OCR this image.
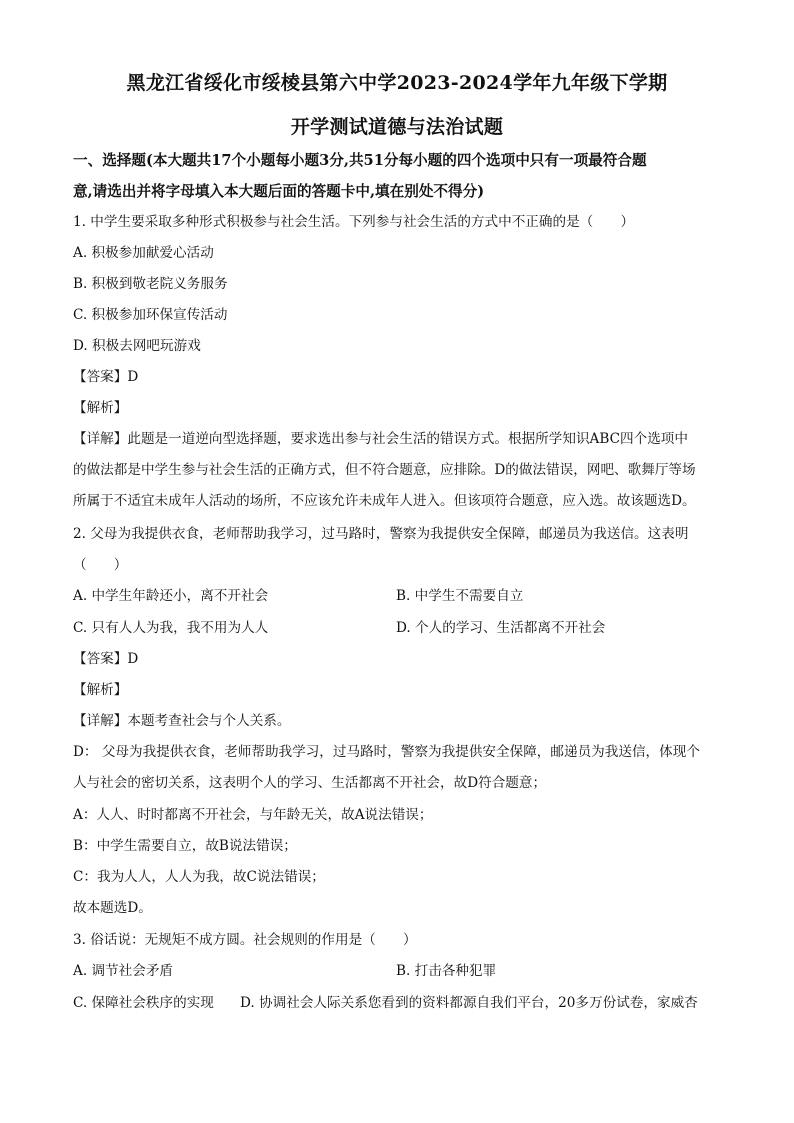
黑龙江省绥化市绥棱县第六中学2023-2024学年九年级下学期
开学测试道德与法治试题
一、选择题(本大题共17个小题每小题3分,共51分每小题的四个选项中只有一项最符合题
意,请选出并将字母填入本大题后面的答题卡中,填在别处不得分)
1. 中学生要采取多种形式积极参与社会生活。下列参与社会生活的方式中不正确的是（　　）
A. 积极参加献爱心活动
B. 积极到敬老院义务服务
C. 积极参加环保宣传活动
D. 积极去网吧玩游戏
【答案】D
【解析】
【详解】此题是一道逆向型选择题，要求选出参与社会生活的错误方式。根据所学知识ABC四个选项中
的做法都是中学生参与社会生活的正确方式，但不符合题意，应排除。D的做法错误，网吧、歌舞厅等场
所属于不适宜未成年人活动的场所，不应该允许未成年人进入。但该项符合题意，应入选。故该题选D。
2. 父母为我提供衣食，老师帮助我学习，过马路时，警察为我提供安全保障，邮递员为我送信。这表明
（　　）
A. 中学生年龄还小，离不开社会	B. 中学生不需要自立
C. 只有人人为我，我不用为人人	D. 个人的学习、生活都离不开社会
【答案】D
【解析】
【详解】本题考查社会与个人关系。
D： 父母为我提供衣食，老师帮助我学习，过马路时，警察为我提供安全保障，邮递员为我送信，体现个
人与社会的密切关系，这表明个人的学习、生活都离不开社会，故D符合题意；
A：人人、时时都离不开社会，与年龄无关，故A说法错误；
B：中学生需要自立，故B说法错误；
C：我为人人，人人为我，故C说法错误；
故本题选D。
3. 俗话说：无规矩不成方圆。社会规则的作用是（　　）
A. 调节社会矛盾	B. 打击各种犯罪
C. 保障社会秩序的实现 D. 协调社会人际关系您看到的资料都源自我们平台，20多万份试卷，家威杏
